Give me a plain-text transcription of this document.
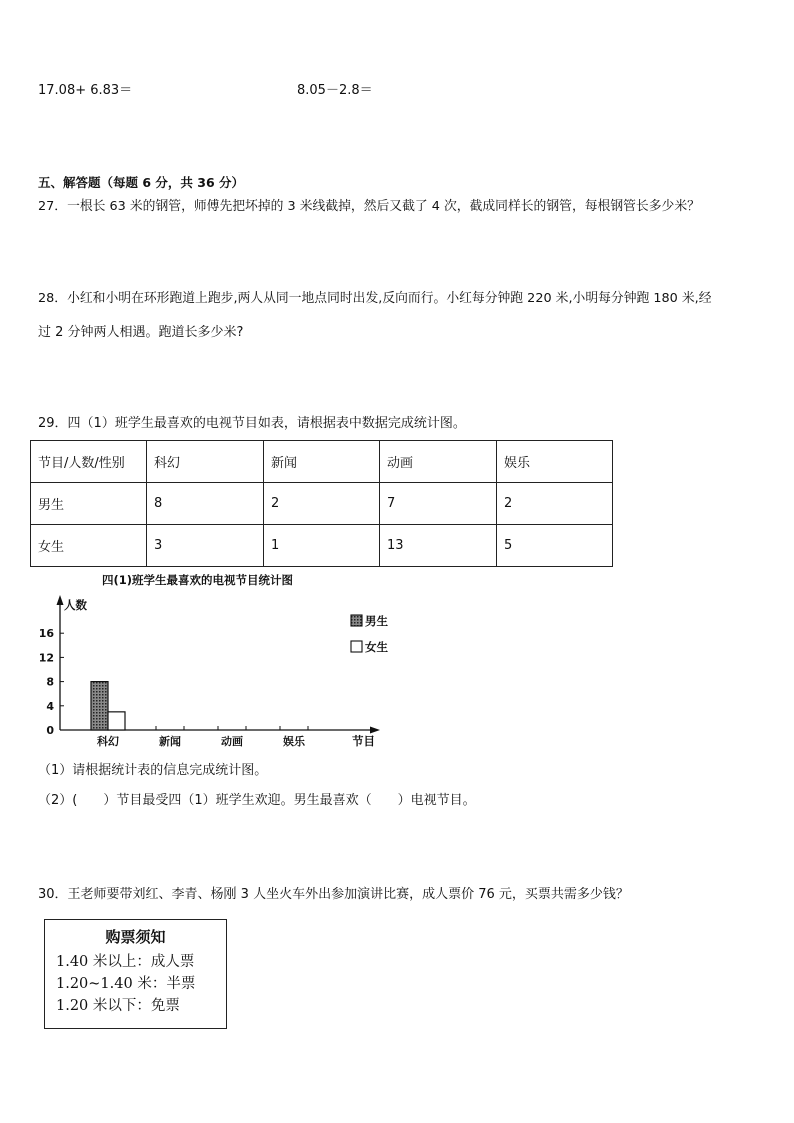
17.08+ 6.83＝	8.05－2.8＝
五、解答题（每题 6 分，共 36 分）
27．一根长 63 米的钢管，师傅先把坏掉的 3 米线截掉，然后又截了 4 次，截成同样长的钢管，每根钢管长多少米？
28．小红和小明在环形跑道上跑步,两人从同一地点同时出发,反向而行。小红每分钟跑 220 米,小明每分钟跑 180 米,经
过 2 分钟两人相遇。跑道长多少米?
29．四（1）班学生最喜欢的电视节目如表，请根据表中数据完成统计图。
节目/人数/性别	科幻	新闻	动画	娱乐
男生	8	2	7	2
女生	3	1	13	5
四(1)班学生最喜欢的电视节目统计图
人数
节目
0
4
8
12
16
科幻	新闻	动画	娱乐
男生
女生
（1）请根据统计表的信息完成统计图。
（2）(　　）节目最受四（1）班学生欢迎。男生最喜欢（　　）电视节目。
30．王老师要带刘红、李青、杨刚 3 人坐火车外出参加演讲比赛，成人票价 76 元，买票共需多少钱？
购票须知
1.40 米以上：成人票
1.20~1.40 米：半票
1.20 米以下：免票
